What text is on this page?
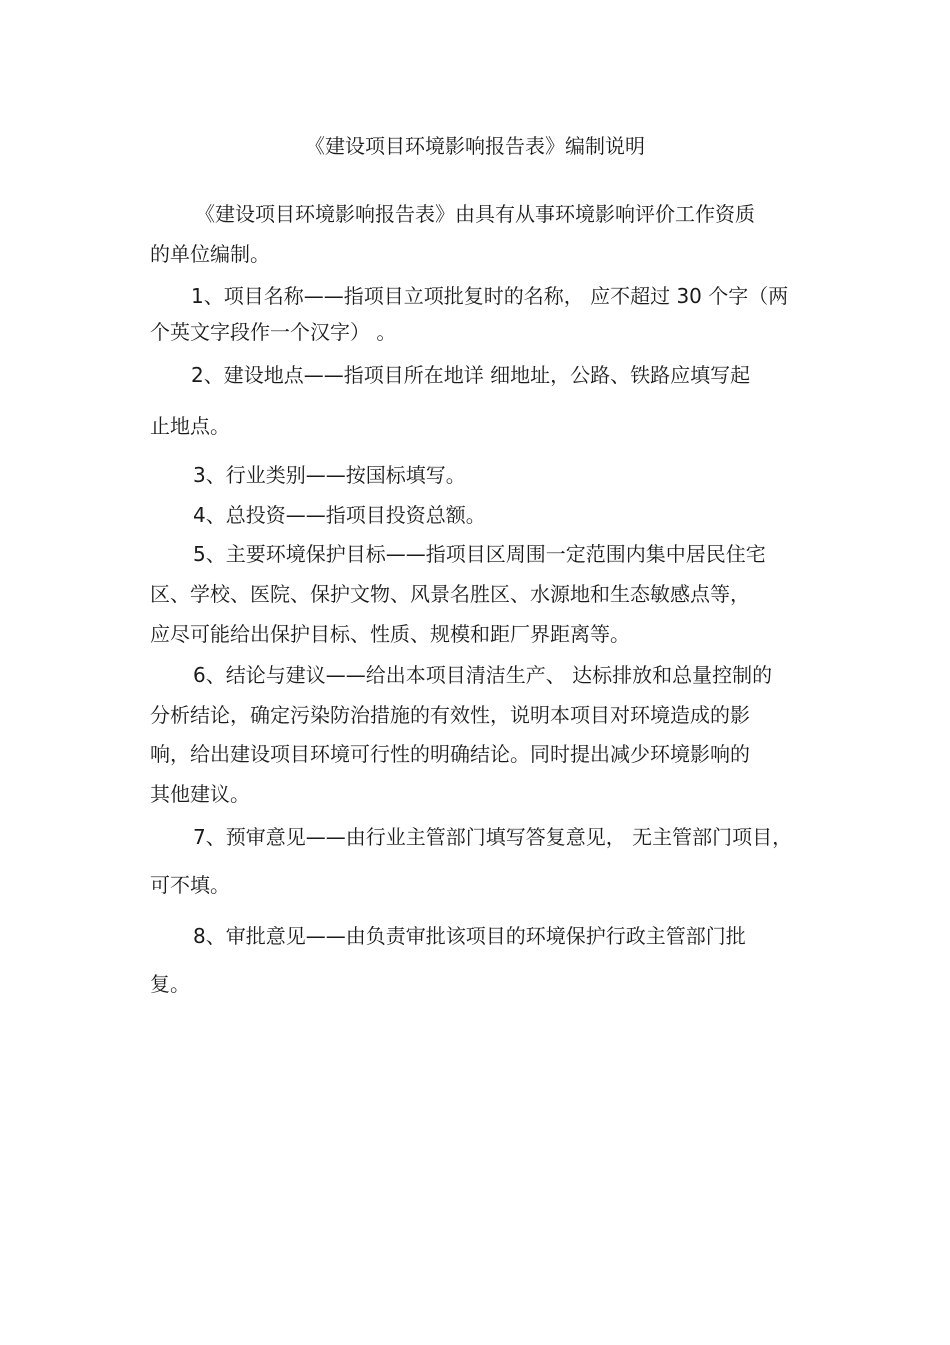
《建设项目环境影响报告表》编制说明
《建设项目环境影响报告表》由具有从事环境影响评价工作资质
的单位编制。
1、项目名称——指项目立项批复时的名称， 应不超过 30 个字（两
个英文字段作一个汉字） 。
2、建设地点——指项目所在地详 细地址，公路、铁路应填写起
止地点。
3、行业类别——按国标填写。
4、总投资——指项目投资总额。
5、主要环境保护目标——指项目区周围一定范围内集中居民住宅
区、学校、医院、保护文物、风景名胜区、水源地和生态敏感点等，
应尽可能给出保护目标、性质、规模和距厂界距离等。
6、结论与建议——给出本项目清洁生产、 达标排放和总量控制的
分析结论，确定污染防治措施的有效性，说明本项目对环境造成的影
响，给出建设项目环境可行性的明确结论。同时提出减少环境影响的
其他建议。
7、预审意见——由行业主管部门填写答复意见， 无主管部门项目，
可不填。
8、审批意见——由负责审批该项目的环境保护行政主管部门批
复。
